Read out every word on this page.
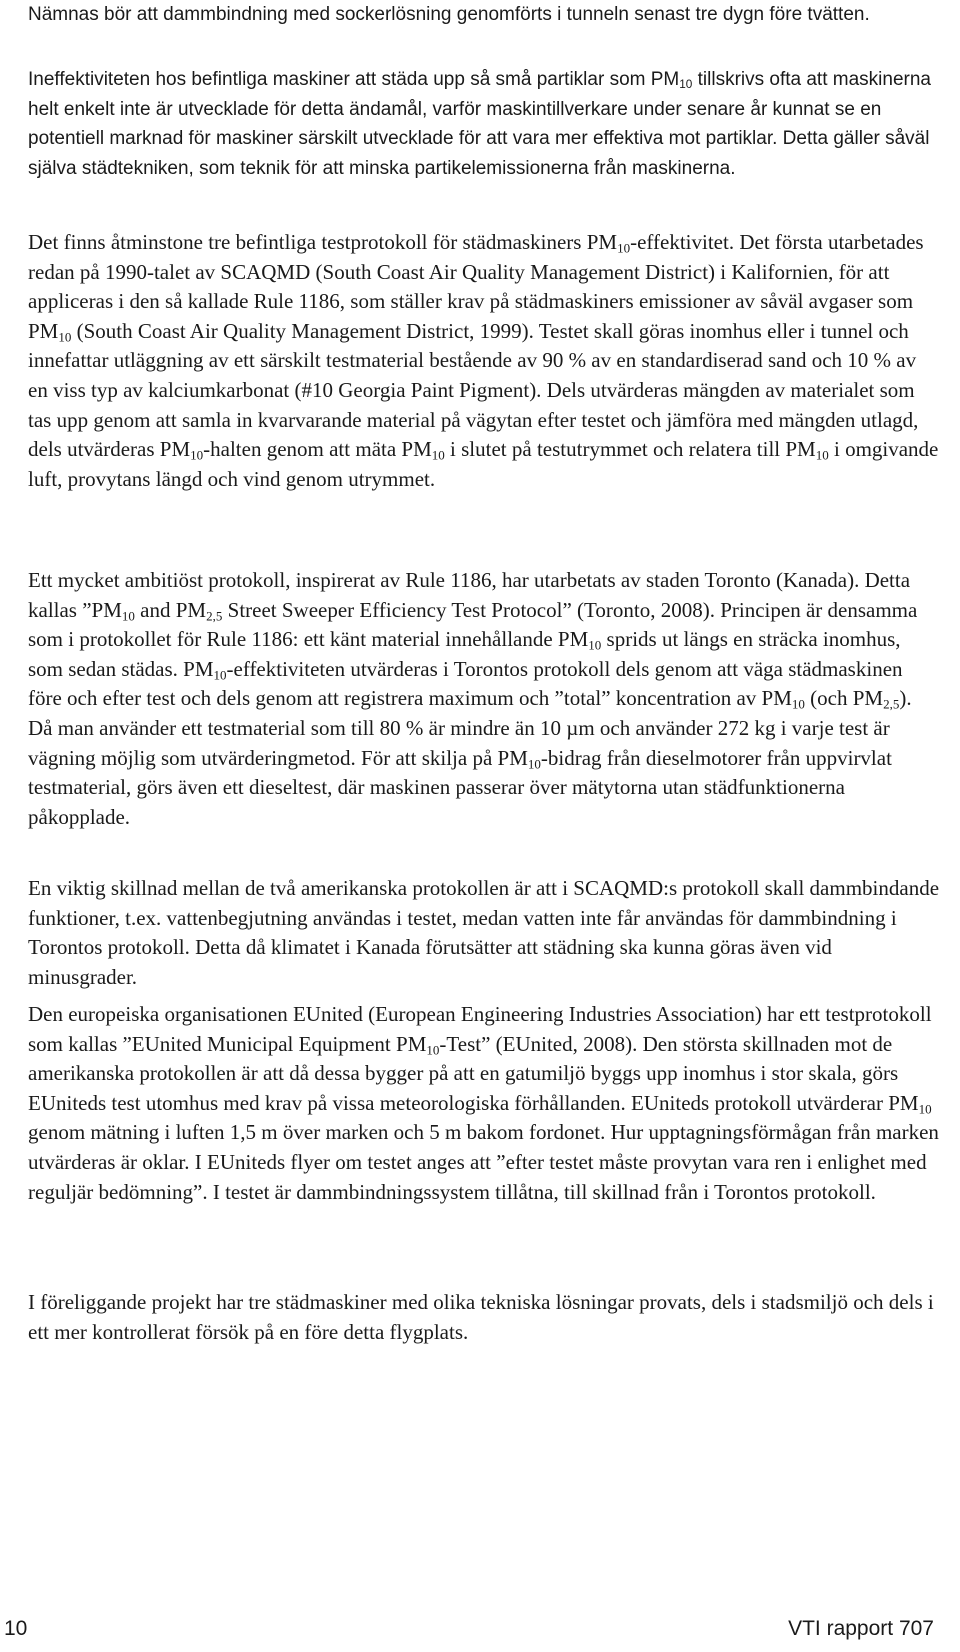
Nämnas bör att dammbindning med sockerlösning genomförts i tunneln senast tre dygn före tvätten.

Ineffektiviteten hos befintliga maskiner att städa upp så små partiklar som $PM_{10}$ tillskrivs ofta att maskinerna helt enkelt inte är utvecklade för detta ändamål, varför maskintillverkare under senare år kunnat se en potentiell marknad för maskiner särskilt utvecklade för att vara mer effektiva mot partiklar. Detta gäller såväl själva städtekniken, som teknik för att minska partikelemissionerna från maskinerna.

Det finns åtminstone tre befintliga testprotokoll för städmaskiners $PM_{10}$-effektivitet. Det första utarbetades redan på 1990-talet av SCAQMD (South Coast Air Quality Management District) i Kalifornien, för att appliceras i den så kallade Rule 1186, som ställer krav på städmaskiners emissioner av såväl avgaser som $PM_{10}$ (South Coast Air Quality Management District, 1999). Testet skall göras inomhus eller i tunnel och innefattar utläggning av ett särskilt testmaterial bestående av 90 % av en standardiserad sand och 10 % av en viss typ av kalciumkarbonat (#10 Georgia Paint Pigment). Dels utvärderas mängden av materialet som tas upp genom att samla in kvarvarande material på vägytan efter testet och jämföra med mängden utlagd, dels utvärderas $PM_{10}$-halten genom att mäta $PM_{10}$ i slutet på testutrymmet och relatera till $PM_{10}$ i omgivande luft, provytans längd och vind genom utrymmet.

Ett mycket ambitiöst protokoll, inspirerat av Rule 1186, har utarbetats av staden Toronto (Kanada). Detta kallas $”PM_{10}$ and $PM_{2,5}$ Street Sweeper Efficiency Test Protocol” (Toronto, 2008). Principen är densamma som i protokollet för Rule 1186: ett känt material innehållande $PM_{10}$ sprids ut längs en sträcka inomhus, som sedan städas. $PM_{10}$-effektiviteten utvärderas i Torontos protokoll dels genom att väga städmaskinen före och efter test och dels genom att registrera maximum och ”total” koncentration av $PM_{10}$ (och $PM_{2,5}$). Då man använder ett testmaterial som till 80 % är mindre än 10 µm och använder 272 kg i varje test är vägning möjlig som utvärderingmetod. För att skilja på $PM_{10}$-bidrag från dieselmotorer från uppvirvlat testmaterial, görs även ett dieseltest, där maskinen passerar över mätytorna utan städfunktionerna påkopplade.

En viktig skillnad mellan de två amerikanska protokollen är att i SCAQMD:s protokoll skall dammbindande funktioner, t.ex. vattenbegjutning användas i testet, medan vatten inte får användas för dammbindning i Torontos protokoll. Detta då klimatet i Kanada förutsätter att städning ska kunna göras även vid minusgrader.

Den europeiska organisationen EUnited (European Engineering Industries Association) har ett testprotokoll som kallas ”EUnited Municipal Equipment $PM_{10}$-Test” (EUnited, 2008). Den största skillnaden mot de amerikanska protokollen är att då dessa bygger på att en gatumiljö byggs upp inomhus i stor skala, görs EUniteds test utomhus med krav på vissa meteorologiska förhållanden. EUniteds protokoll utvärderar $PM_{10}$ genom mätning i luften 1,5 m över marken och 5 m bakom fordonet. Hur upptagningsförmågan från marken utvärderas är oklar. I EUniteds flyer om testet anges att ”efter testet måste provytan vara ren i enlighet med reguljär bedömning”. I testet är dammbindningssystem tillåtna, till skillnad från i Torontos protokoll.

I föreliggande projekt har tre städmaskiner med olika tekniska lösningar provats, dels i stadsmiljö och dels i ett mer kontrollerat försök på en före detta flygplats.

10	VTI rapport 707
